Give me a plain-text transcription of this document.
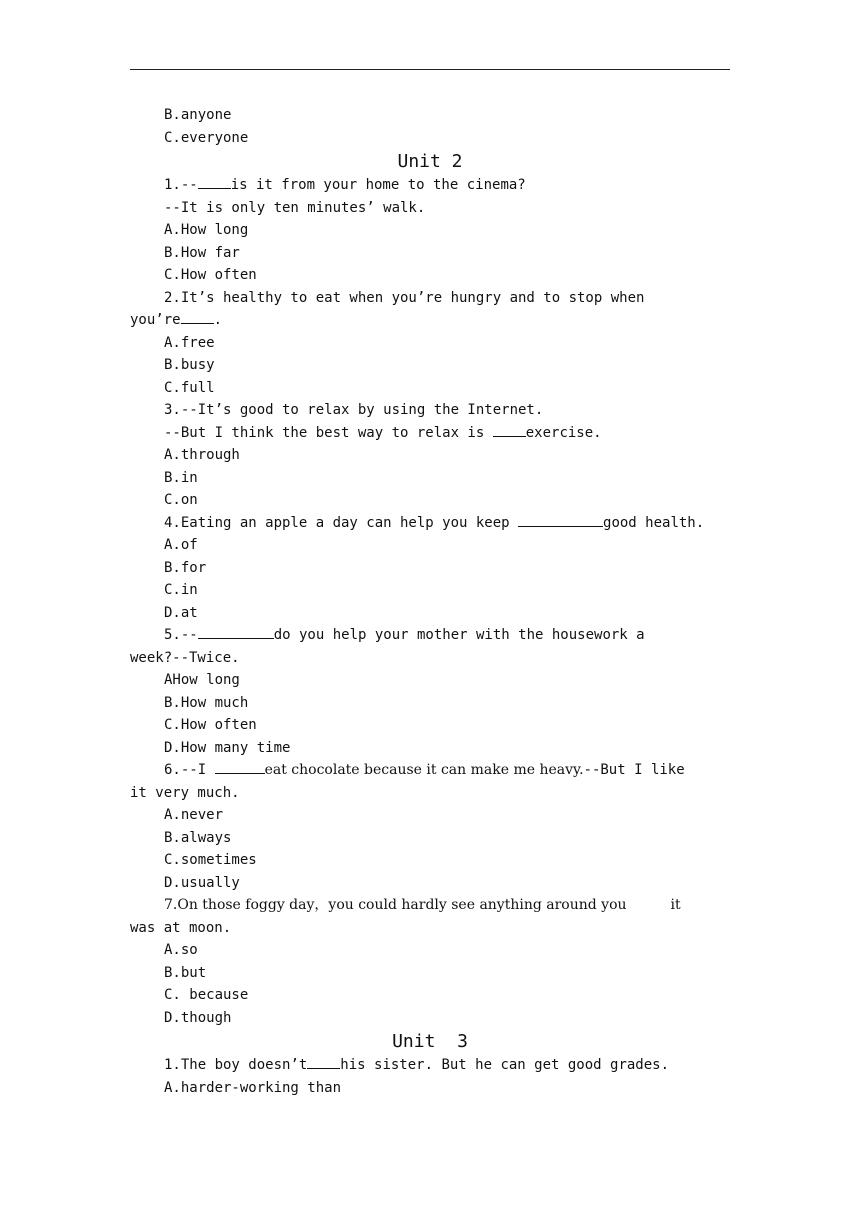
B.anyone
C.everyone
Unit 2
1.-- is it from your home to the cinema?
--It is only ten minutes’ walk.
A.How long
B.How far
C.How often
2.It’s healthy to eat when you’re hungry and to stop when
you’re .
A.free
B.busy
C.full
3.--It’s good to relax by using the Internet.
--But I think the best way to relax is exercise.
A.through
B.in
C.on
4.Eating an apple a day can help you keep	good health.
A.of
B.for
C.in
D.at
5.--	do you help your mother with the housework a
week?--Twice.
AHow long
B.How much
C.How often
D.How many time
6.--I	eat chocolate because it can make me heavy.--But I like
it very much.
A.never
B.always
C.sometimes
D.usually
7.On those foggy day，you could hardly see anything around you	it
was at moon.
A.so
B.but
C. because
D.though
Unit  3
1.The boy doesn’t his sister. But he can get good grades.
A.harder-working than
